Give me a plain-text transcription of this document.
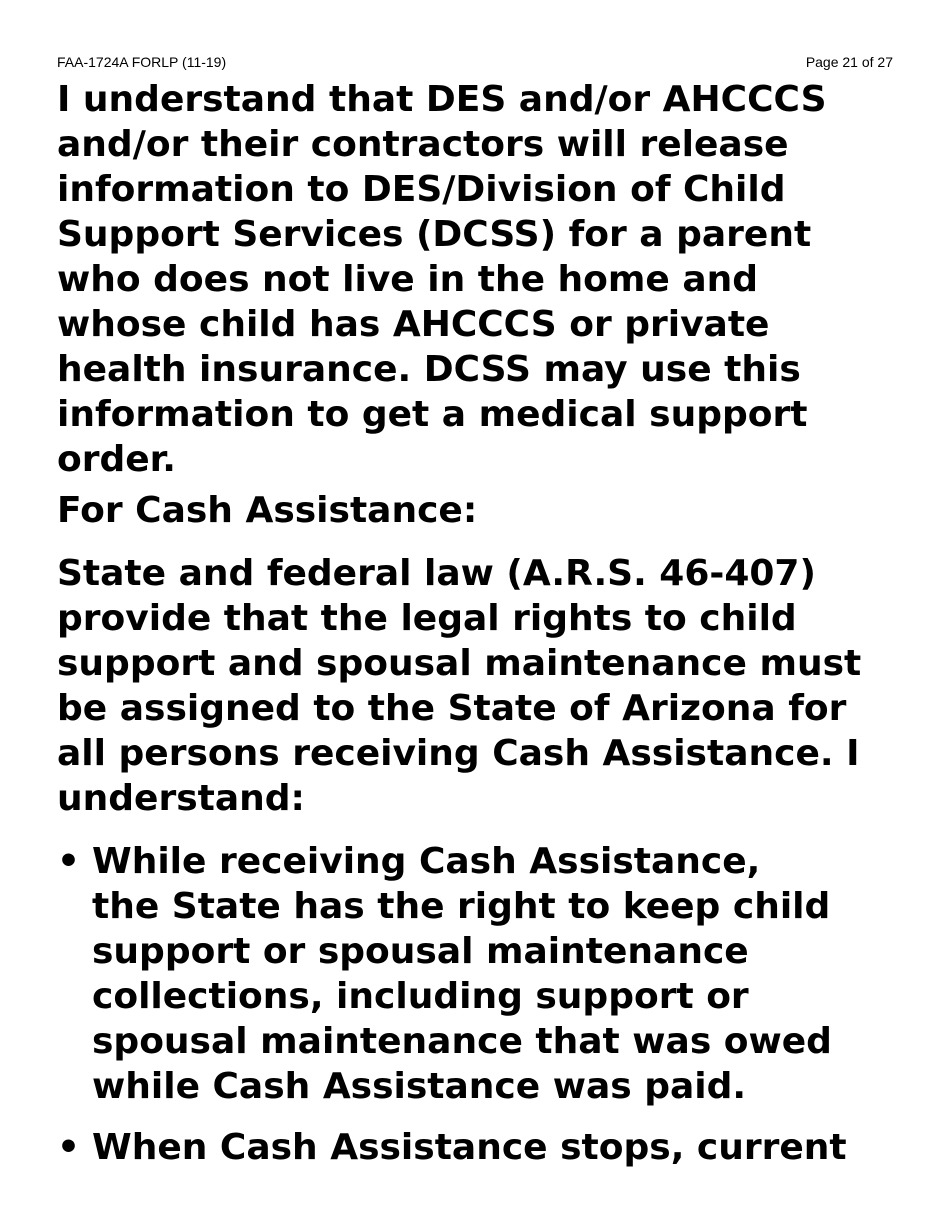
FAA-1724A FORLP (11-19)	Page 21 of 27

I understand that DES and/or AHCCCS
and/or their contractors will release
information to DES/Division of Child
Support Services (DCSS) for a parent
who does not live in the home and
whose child has AHCCCS or private
health insurance. DCSS may use this
information to get a medical support
order.

For Cash Assistance:

State and federal law (A.R.S. 46-407)
provide that the legal rights to child
support and spousal maintenance must
be assigned to the State of Arizona for
all persons receiving Cash Assistance. I
understand:

• While receiving Cash Assistance,
the State has the right to keep child
support or spousal maintenance
collections, including support or
spousal maintenance that was owed
while Cash Assistance was paid.
• When Cash Assistance stops, current
